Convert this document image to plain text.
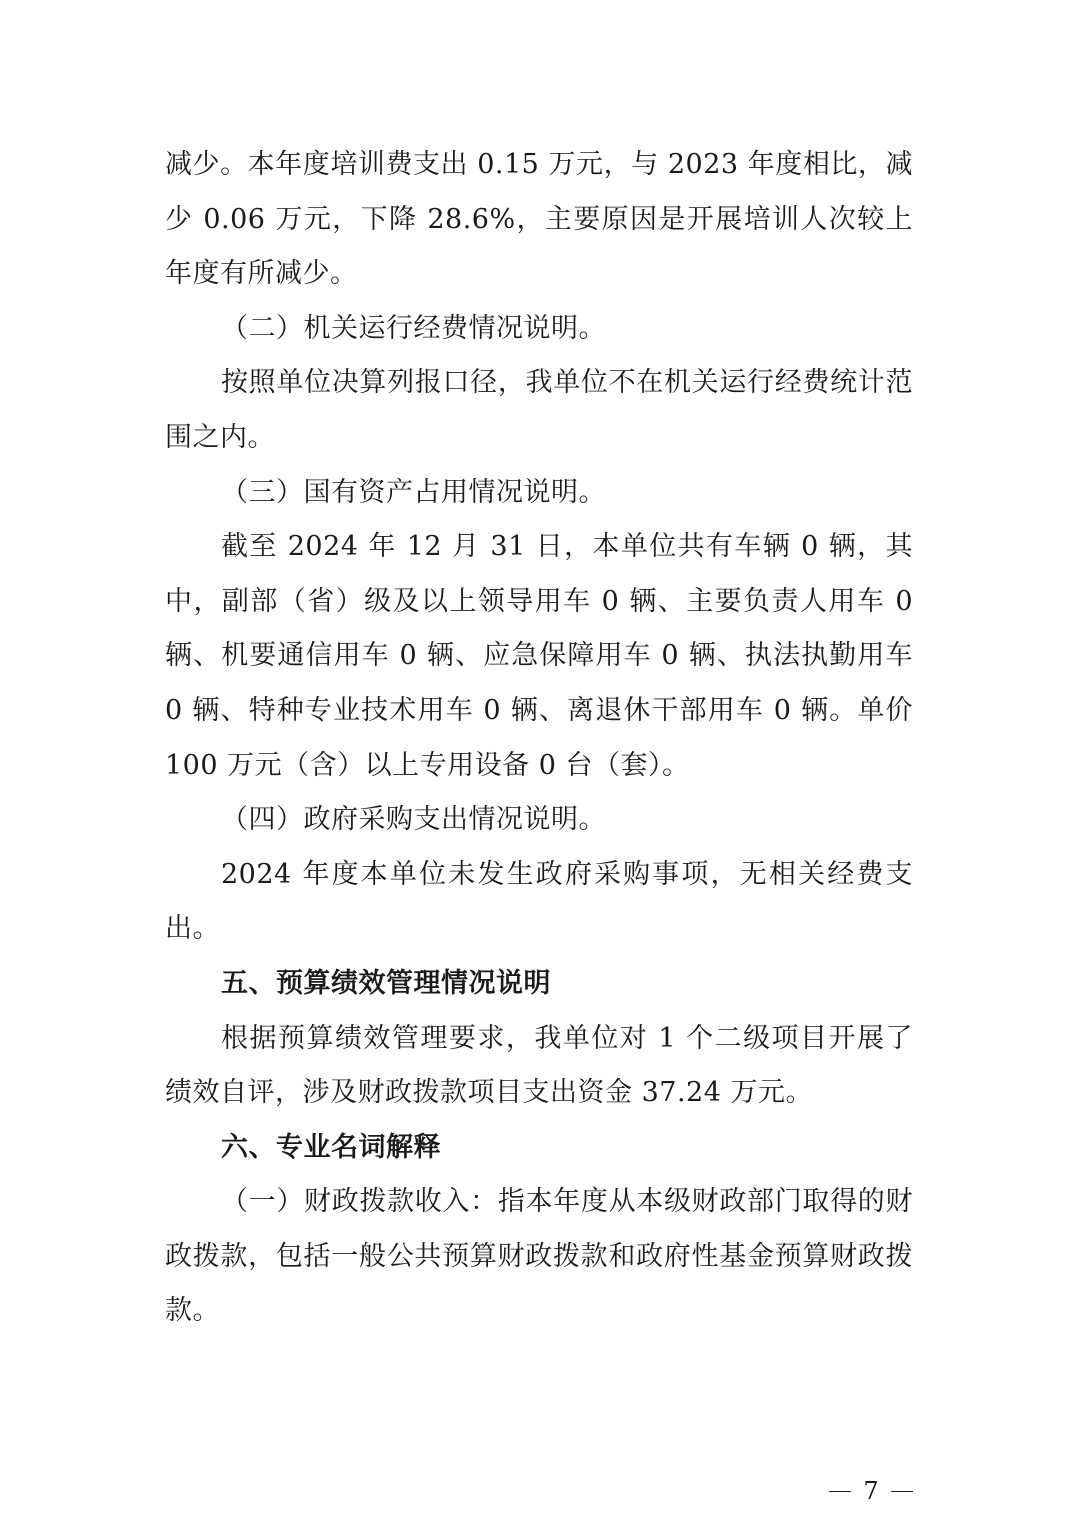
减少。本年度培训费支出 0.15 万元，与 2023 年度相比，减少 0.06 万元，下降 28.6%，主要原因是开展培训人次较上年度有所减少。

（二）机关运行经费情况说明。

按照单位决算列报口径，我单位不在机关运行经费统计范围之内。

（三）国有资产占用情况说明。

截至 2024 年 12 月 31 日，本单位共有车辆 0 辆，其中，副部（省）级及以上领导用车 0 辆、主要负责人用车 0 辆、机要通信用车 0 辆、应急保障用车 0 辆、执法执勤用车 0 辆、特种专业技术用车 0 辆、离退休干部用车 0 辆。单价 100 万元（含）以上专用设备 0 台（套）。

（四）政府采购支出情况说明。

2024 年度本单位未发生政府采购事项，无相关经费支出。

五、预算绩效管理情况说明

根据预算绩效管理要求，我单位对 1 个二级项目开展了绩效自评，涉及财政拨款项目支出资金 37.24 万元。

六、专业名词解释

（一）财政拨款收入：指本年度从本级财政部门取得的财政拨款，包括一般公共预算财政拨款和政府性基金预算财政拨款。

7
